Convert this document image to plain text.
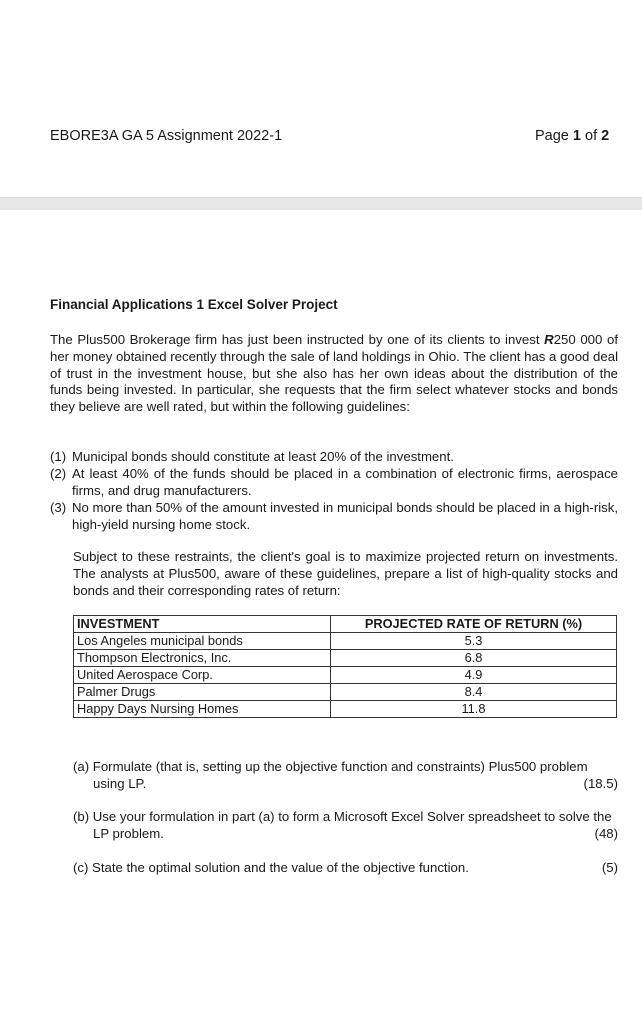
EBORE3A GA 5 Assignment 2022-1	Page 1 of 2
Financial Applications 1 Excel Solver Project
The Plus500 Brokerage firm has just been instructed by one of its clients to invest R250 000 of her money obtained recently through the sale of land holdings in Ohio. The client has a good deal of trust in the investment house, but she also has her own ideas about the distribution of the funds being invested. In particular, she requests that the firm select whatever stocks and bonds they believe are well rated, but within the following guidelines:
(1) Municipal bonds should constitute at least 20% of the investment.
(2) At least 40% of the funds should be placed in a combination of electronic firms, aerospace firms, and drug manufacturers.
(3) No more than 50% of the amount invested in municipal bonds should be placed in a high-risk, high-yield nursing home stock.
Subject to these restraints, the client's goal is to maximize projected return on investments. The analysts at Plus500, aware of these guidelines, prepare a list of high-quality stocks and bonds and their corresponding rates of return:
INVESTMENT	PROJECTED RATE OF RETURN (%)
Los Angeles municipal bonds	5.3
Thompson Electronics, Inc.	6.8
United Aerospace Corp.	4.9
Palmer Drugs	8.4
Happy Days Nursing Homes	11.8
(a) Formulate (that is, setting up the objective function and constraints) Plus500 problem using LP.	(18.5)
(b) Use your formulation in part (a) to form a Microsoft Excel Solver spreadsheet to solve the LP problem.	(48)
(c) State the optimal solution and the value of the objective function.	(5)
